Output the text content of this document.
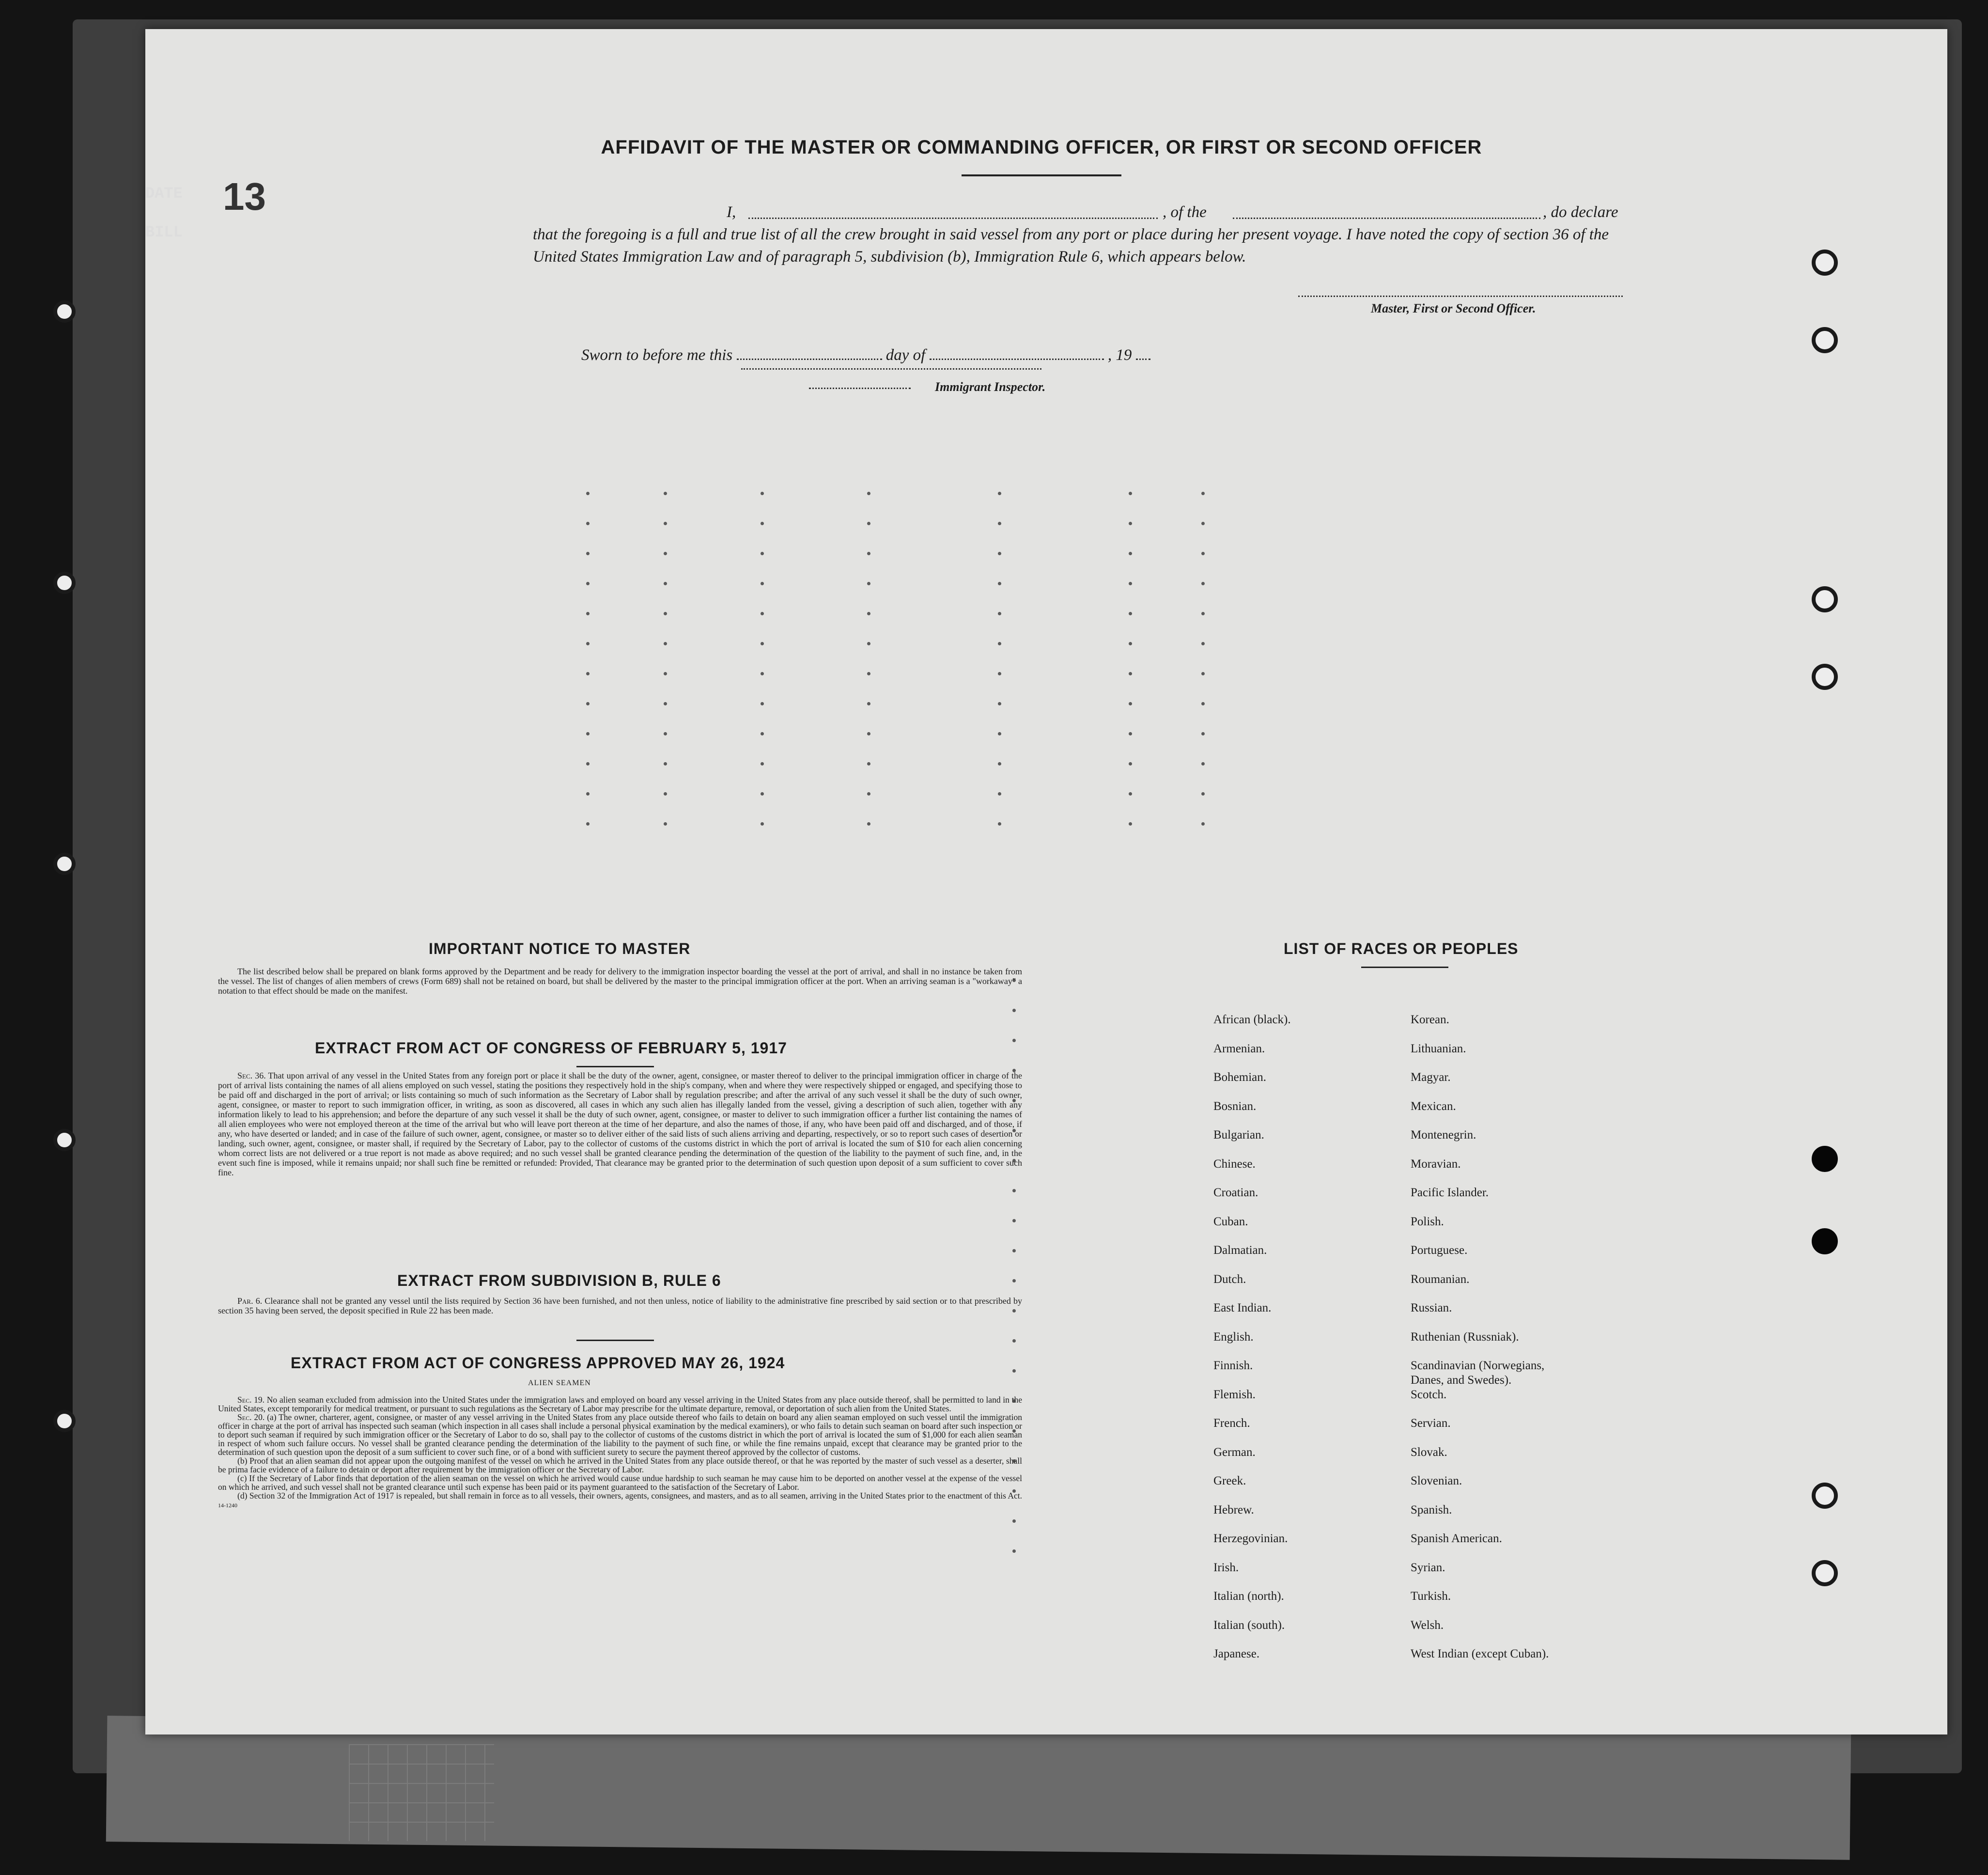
DATE
BILL
13
AFFIDAVIT OF THE MASTER OR COMMANDING OFFICER, OR FIRST OR SECOND OFFICER
I,	, of the	, do declare
that the foregoing is a full and true list of all the crew brought in said vessel from any port or place during her present voyage. I have noted the copy of section 36 of the United States Immigration Law and of paragraph 5, subdivision (b), Immigration Rule 6, which appears below.
Master, First or Second Officer.
Sworn to before me this	day of	, 19
Immigrant Inspector.
IMPORTANT NOTICE TO MASTER
The list described below shall be prepared on blank forms approved by the Department and be ready for delivery to the immigration inspector boarding the vessel at the port of arrival, and shall in no instance be taken from the vessel. The list of changes of alien members of crews (Form 689) shall not be retained on board, but shall be delivered by the master to the principal immigration officer at the port. When an arriving seaman is a "workaway" a notation to that effect should be made on the manifest.
EXTRACT FROM ACT OF CONGRESS OF FEBRUARY 5, 1917
Sec. 36. That upon arrival of any vessel in the United States from any foreign port or place it shall be the duty of the owner, agent, consignee, or master thereof to deliver to the principal immigration officer in charge of the port of arrival lists containing the names of all aliens employed on such vessel, stating the positions they respectively hold in the ship's company, when and where they were respectively shipped or engaged, and specifying those to be paid off and discharged in the port of arrival; or lists containing so much of such information as the Secretary of Labor shall by regulation prescribe; and after the arrival of any such vessel it shall be the duty of such owner, agent, consignee, or master to report to such immigration officer, in writing, as soon as discovered, all cases in which any such alien has illegally landed from the vessel, giving a description of such alien, together with any information likely to lead to his apprehension; and before the departure of any such vessel it shall be the duty of such owner, agent, consignee, or master to deliver to such immigration officer a further list containing the names of all alien employees who were not employed thereon at the time of the arrival but who will leave port thereon at the time of her departure, and also the names of those, if any, who have been paid off and discharged, and of those, if any, who have deserted or landed; and in case of the failure of such owner, agent, consignee, or master so to deliver either of the said lists of such aliens arriving and departing, respectively, or so to report such cases of desertion or landing, such owner, agent, consignee, or master shall, if required by the Secretary of Labor, pay to the collector of customs of the customs district in which the port of arrival is located the sum of $10 for each alien concerning whom correct lists are not delivered or a true report is not made as above required; and no such vessel shall be granted clearance pending the determination of the question of the liability to the payment of such fine, and, in the event such fine is imposed, while it remains unpaid; nor shall such fine be remitted or refunded: Provided, That clearance may be granted prior to the determination of such question upon deposit of a sum sufficient to cover such fine.
EXTRACT FROM SUBDIVISION B, RULE 6
Par. 6. Clearance shall not be granted any vessel until the lists required by Section 36 have been furnished, and not then unless, notice of liability to the administrative fine prescribed by said section or to that prescribed by section 35 having been served, the deposit specified in Rule 22 has been made.
EXTRACT FROM ACT OF CONGRESS APPROVED MAY 26, 1924
ALIEN SEAMEN
Sec. 19. No alien seaman excluded from admission into the United States under the immigration laws and employed on board any vessel arriving in the United States from any place outside thereof, shall be permitted to land in the United States, except temporarily for medical treatment, or pursuant to such regulations as the Secretary of Labor may prescribe for the ultimate departure, removal, or deportation of such alien from the United States.
Sec. 20. (a) The owner, charterer, agent, consignee, or master of any vessel arriving in the United States from any place outside thereof who fails to detain on board any alien seaman employed on such vessel until the immigration officer in charge at the port of arrival has inspected such seaman (which inspection in all cases shall include a personal physical examination by the medical examiners), or who fails to detain such seaman on board after such inspection or to deport such seaman if required by such immigration officer or the Secretary of Labor to do so, shall pay to the collector of customs of the customs district in which the port of arrival is located the sum of $1,000 for each alien seaman in respect of whom such failure occurs. No vessel shall be granted clearance pending the determination of the liability to the payment of such fine, or while the fine remains unpaid, except that clearance may be granted prior to the determination of such question upon the deposit of a sum sufficient to cover such fine, or of a bond with sufficient surety to secure the payment thereof approved by the collector of customs.
(b) Proof that an alien seaman did not appear upon the outgoing manifest of the vessel on which he arrived in the United States from any place outside thereof, or that he was reported by the master of such vessel as a deserter, shall be prima facie evidence of a failure to detain or deport after requirement by the immigration officer or the Secretary of Labor.
(c) If the Secretary of Labor finds that deportation of the alien seaman on the vessel on which he arrived would cause undue hardship to such seaman he may cause him to be deported on another vessel at the expense of the vessel on which he arrived, and such vessel shall not be granted clearance until such expense has been paid or its payment guaranteed to the satisfaction of the Secretary of Labor.
(d) Section 32 of the Immigration Act of 1917 is repealed, but shall remain in force as to all vessels, their owners, agents, consignees, and masters, and as to all seamen, arriving in the United States prior to the enactment of this Act. 14-1240
LIST OF RACES OR PEOPLES
African (black).
Armenian.
Bohemian.
Bosnian.
Bulgarian.
Chinese.
Croatian.
Cuban.
Dalmatian.
Dutch.
East Indian.
English.
Finnish.
Flemish.
French.
German.
Greek.
Hebrew.
Herzegovinian.
Irish.
Italian (north).
Italian (south).
Japanese.
Korean.
Lithuanian.
Magyar.
Mexican.
Montenegrin.
Moravian.
Pacific Islander.
Polish.
Portuguese.
Roumanian.
Russian.
Ruthenian (Russniak).
Scandinavian (Norwegians, Danes, and Swedes).
Scotch.
Servian.
Slovak.
Slovenian.
Spanish.
Spanish American.
Syrian.
Turkish.
Welsh.
West Indian (except Cuban).
